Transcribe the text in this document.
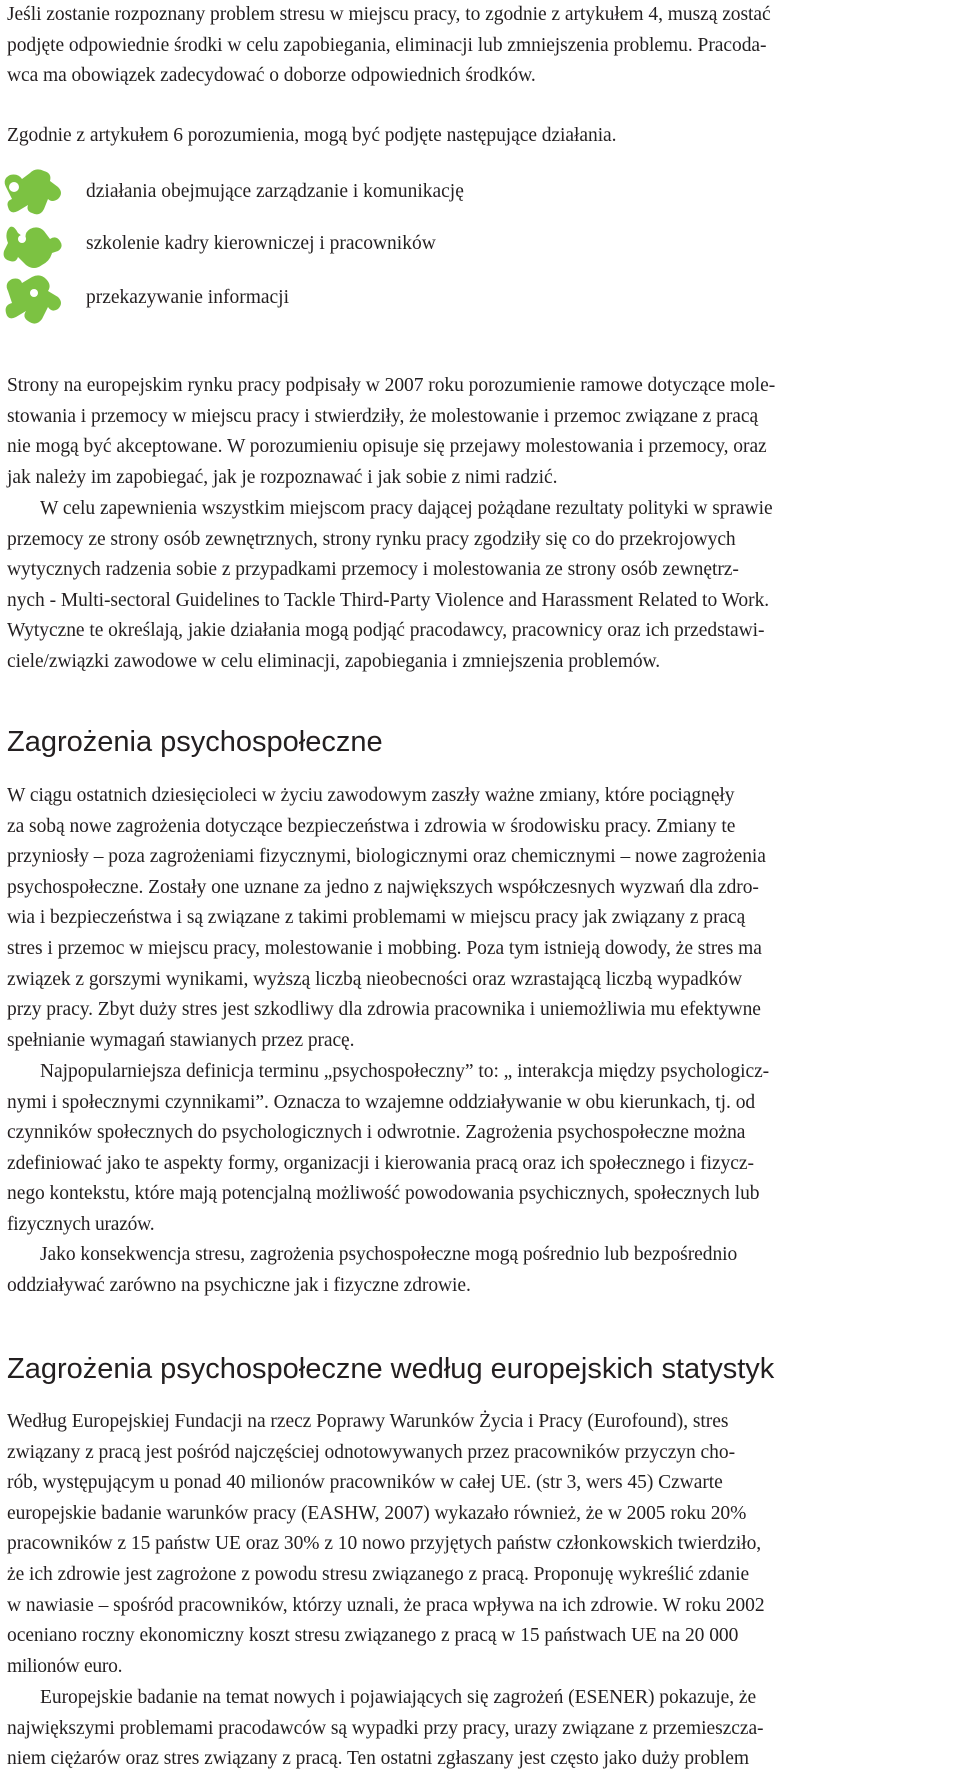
Jeśli zostanie rozpoznany problem stresu w miejscu pracy, to zgodnie z artykułem 4, muszą zostać
podjęte odpowiednie środki w celu zapobiegania, eliminacji lub zmniejszenia problemu. Pracoda-
wca ma obowiązek zadecydować o doborze odpowiednich środków.
Zgodnie z artykułem 6 porozumienia, mogą być podjęte następujące działania.
działania obejmujące zarządzanie i komunikację
szkolenie kadry kierowniczej i pracowników
przekazywanie informacji
Strony na europejskim rynku pracy podpisały w 2007 roku porozumienie ramowe dotyczące mole-
stowania i przemocy w miejscu pracy i stwierdziły, że molestowanie i przemoc związane z pracą
nie mogą być akceptowane. W porozumieniu opisuje się przejawy molestowania i przemocy, oraz
jak należy im zapobiegać, jak je rozpoznawać i jak sobie z nimi radzić.
W celu zapewnienia wszystkim miejscom pracy dającej pożądane rezultaty polityki w sprawie
przemocy ze strony osób zewnętrznych, strony rynku pracy zgodziły się co do przekrojowych
wytycznych radzenia sobie z przypadkami przemocy i molestowania ze strony osób zewnętrz-
nych - Multi-sectoral Guidelines to Tackle Third-Party Violence and Harassment Related to Work.
Wytyczne te określają, jakie działania mogą podjąć pracodawcy, pracownicy oraz ich przedstawi-
ciele/związki zawodowe w celu eliminacji, zapobiegania i zmniejszenia problemów.
Zagrożenia psychospołeczne
W ciągu ostatnich dziesięcioleci w życiu zawodowym zaszły ważne zmiany, które pociągnęły
za sobą nowe zagrożenia dotyczące bezpieczeństwa i zdrowia w środowisku pracy. Zmiany te
przyniosły – poza zagrożeniami fizycznymi, biologicznymi oraz chemicznymi – nowe zagrożenia
psychospołeczne. Zostały one uznane za jedno z największych współczesnych wyzwań dla zdro-
wia i bezpieczeństwa i są związane z takimi problemami w miejscu pracy jak związany z pracą
stres i przemoc w miejscu pracy, molestowanie i mobbing. Poza tym istnieją dowody, że stres ma
związek z gorszymi wynikami, wyższą liczbą nieobecności oraz wzrastającą liczbą wypadków
przy pracy. Zbyt duży stres jest szkodliwy dla zdrowia pracownika i uniemożliwia mu efektywne
spełnianie wymagań stawianych przez pracę.
Najpopularniejsza definicja terminu „psychospołeczny” to: „ interakcja między psychologicz-
nymi i społecznymi czynnikami”. Oznacza to wzajemne oddziaływanie w obu kierunkach, tj. od
czynników społecznych do psychologicznych i odwrotnie. Zagrożenia psychospołeczne można
zdefiniować jako te aspekty formy, organizacji i kierowania pracą oraz ich społecznego i fizycz-
nego kontekstu, które mają potencjalną możliwość powodowania psychicznych, społecznych lub
fizycznych urazów.
Jako konsekwencja stresu, zagrożenia psychospołeczne mogą pośrednio lub bezpośrednio
oddziaływać zarówno na psychiczne jak i fizyczne zdrowie.
Zagrożenia psychospołeczne według europejskich statystyk
Według Europejskiej Fundacji na rzecz Poprawy Warunków Życia i Pracy (Eurofound), stres
związany z pracą jest pośród najczęściej odnotowywanych przez pracowników przyczyn cho-
rób, występującym u ponad 40 milionów pracowników w całej UE. (str 3, wers 45) Czwarte
europejskie badanie warunków pracy (EASHW, 2007) wykazało również, że w 2005 roku 20%
pracowników z 15 państw UE oraz 30% z 10 nowo przyjętych państw członkowskich twierdziło,
że ich zdrowie jest zagrożone z powodu stresu związanego z pracą. Proponuję wykreślić zdanie
w nawiasie – spośród pracowników, którzy uznali, że praca wpływa na ich zdrowie. W roku 2002
oceniano roczny ekonomiczny koszt stresu związanego z pracą w 15 państwach UE na 20 000
milionów euro.
Europejskie badanie na temat nowych i pojawiających się zagrożeń (ESENER) pokazuje, że
największymi problemami pracodawców są wypadki przy pracy, urazy związane z przemieszcza-
niem ciężarów oraz stres związany z pracą. Ten ostatni zgłaszany jest często jako duży problem
